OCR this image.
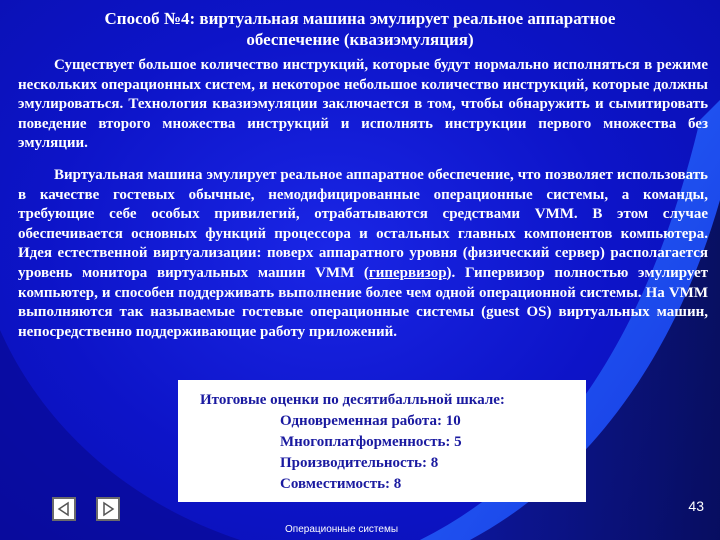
Способ №4: виртуальная машина эмулирует реальное аппаратное
обеспечение (квазиэмуляция)

Существует большое количество инструкций, которые будут нормально исполняться в режиме нескольких операционных систем, и некоторое небольшое количество инструкций, которые должны эмулироваться. Технология квазиэмуляции заключается в том, чтобы обнаружить и сымитировать поведение второго множества инструкций и исполнять инструкции первого множества без эмуляции.

Виртуальная машина эмулирует реальное аппаратное обеспечение, что позволяет использовать в качестве гостевых обычные, немодифицированные операционные системы, а команды, требующие себе особых привилегий, отрабатываются средствами VMM. В этом случае обеспечивается основных функций процессора и остальных главных компонентов компьютера. Идея естественной виртуализации: поверх аппаратного уровня (физический сервер) располагается уровень монитора виртуальных машин VMM (гипервизор). Гипервизор полностью эмулирует компьютер, и способен поддерживать выполнение более чем одной операционной системы. На VMM выполняются так называемые гостевые операционные системы (guest OS) виртуальных машин, непосредственно поддерживающие работу приложений.

Итоговые оценки по десятибалльной шкале:
Одновременная работа: 10
Многоплатформенность: 5
Производительность: 8
Совместимость: 8
43
Операционные системы
